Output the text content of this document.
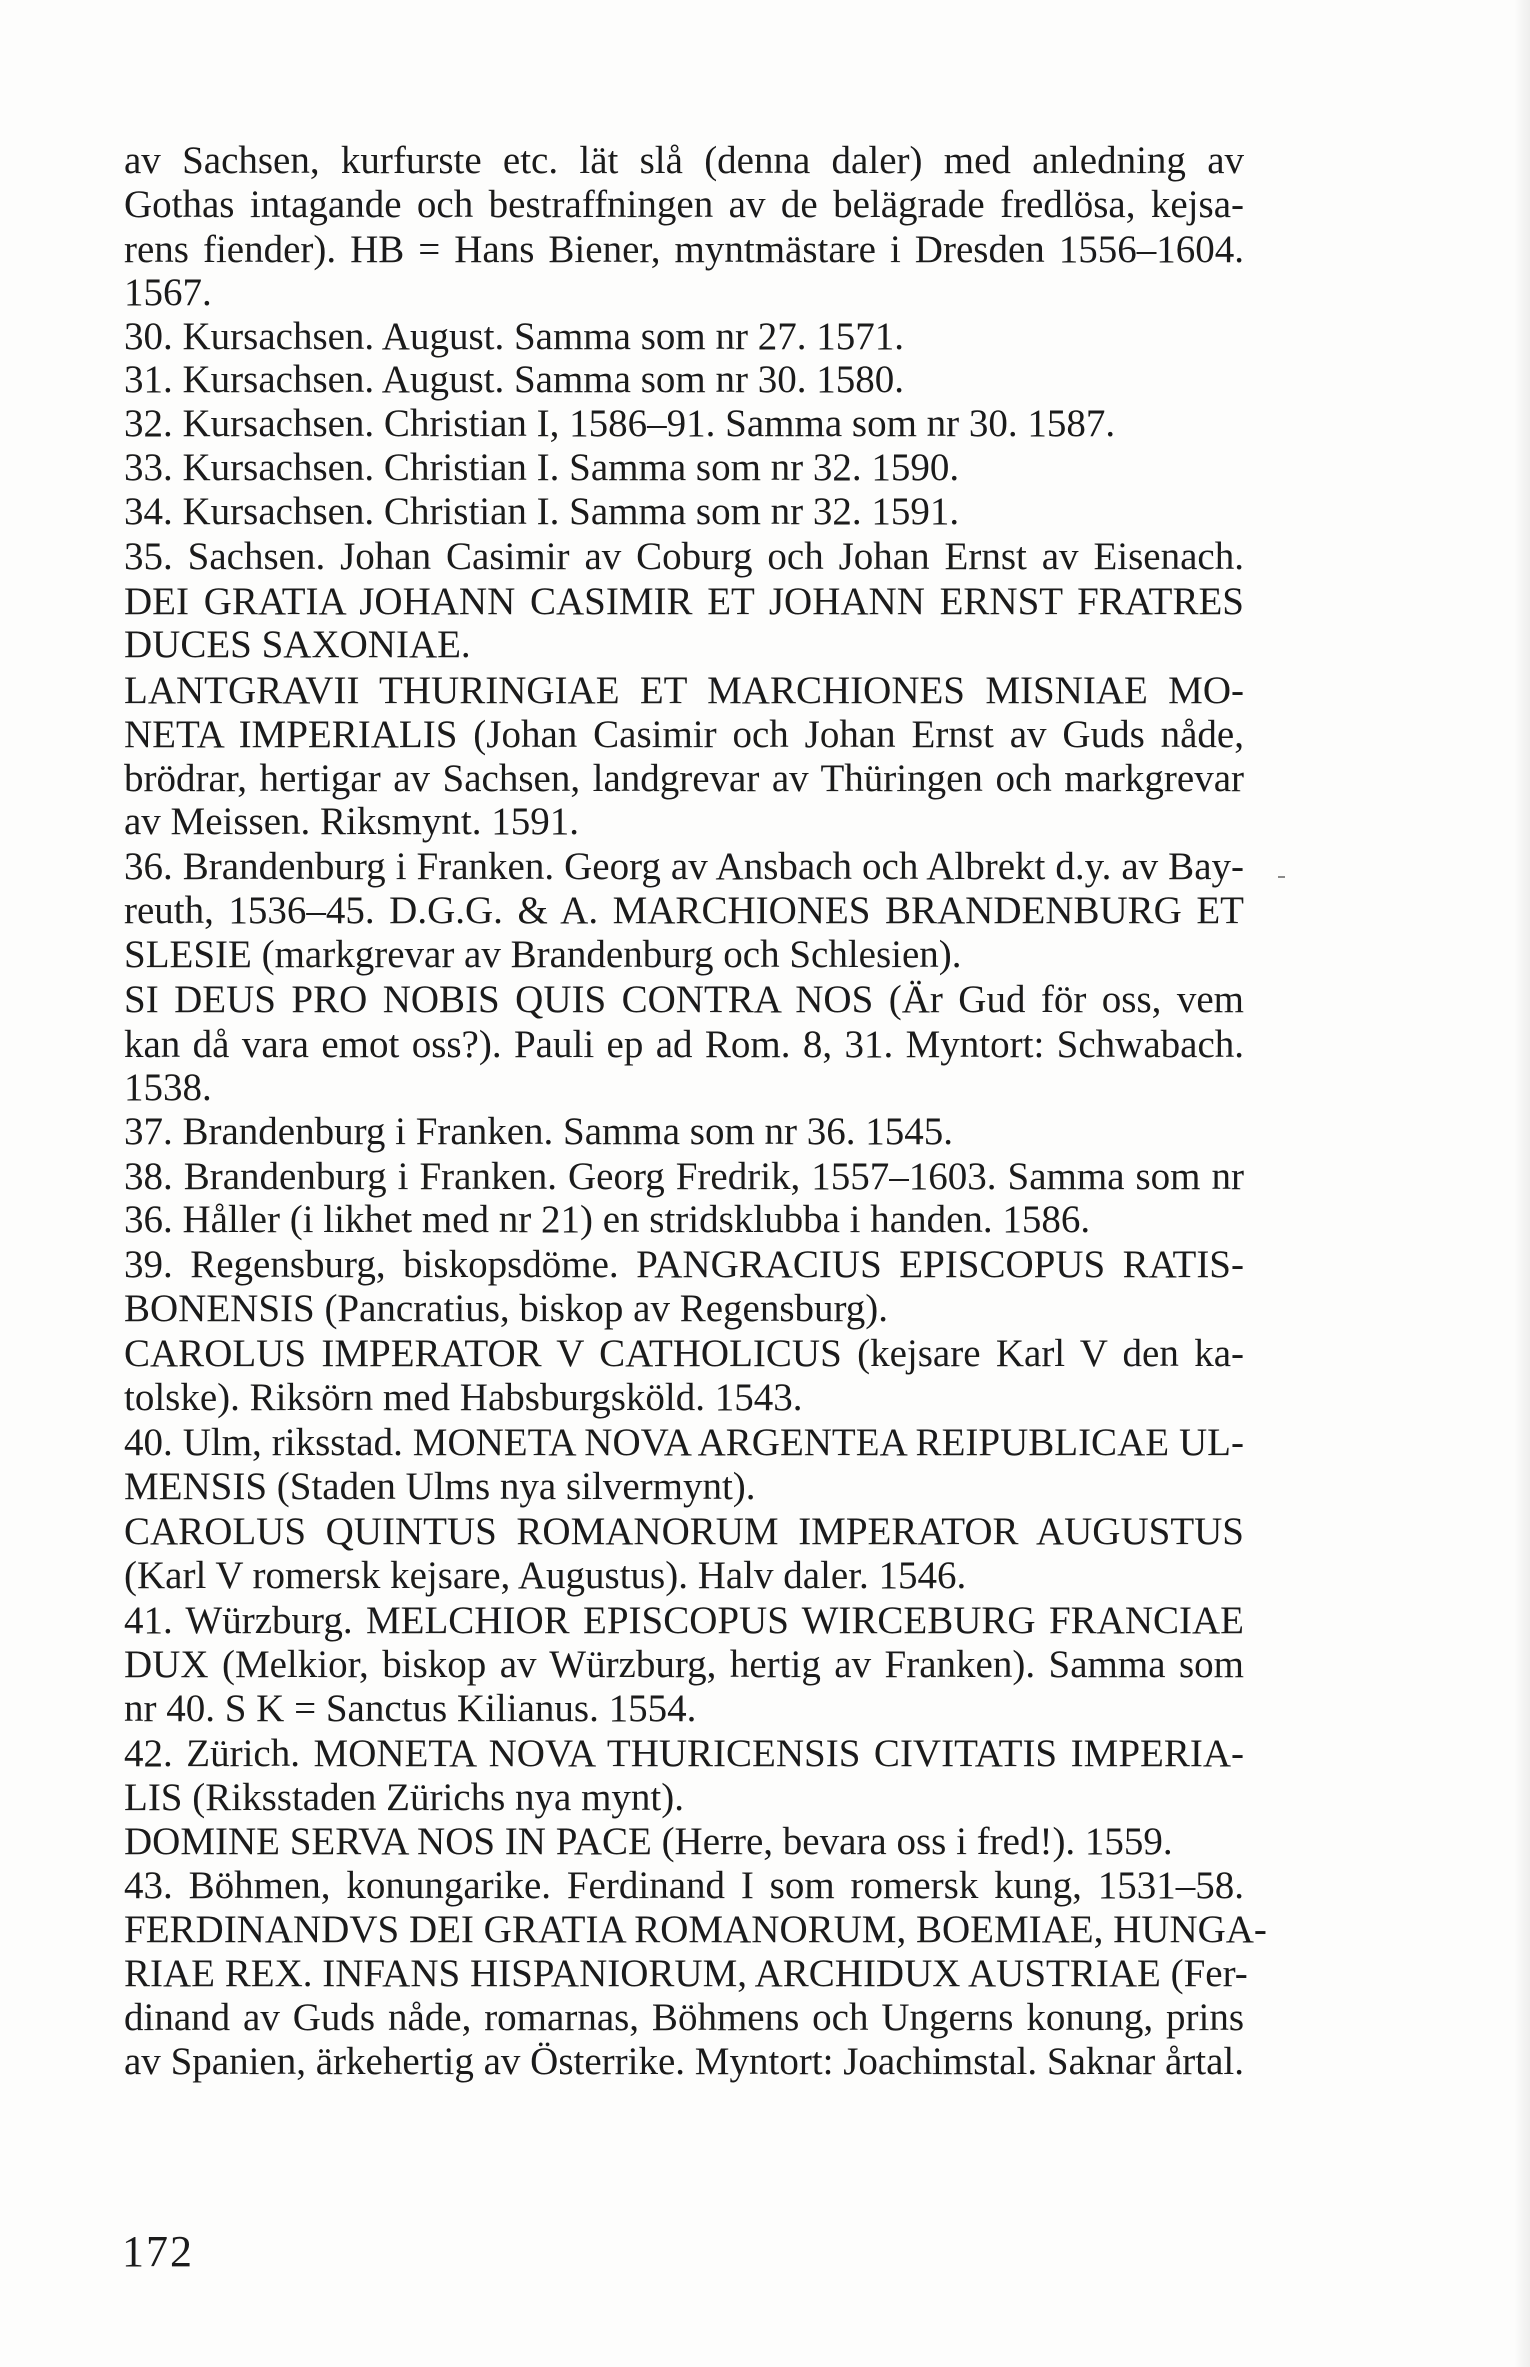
av Sachsen, kurfurste etc. lät slå (denna daler) med anledning av
Gothas intagande och bestraffningen av de belägrade fredlösa, kejsa-
rens fiender). HB = Hans Biener, myntmästare i Dresden 1556–1604.
1567.
30. Kursachsen. August. Samma som nr 27. 1571.
31. Kursachsen. August. Samma som nr 30. 1580.
32. Kursachsen. Christian I, 1586–91. Samma som nr 30. 1587.
33. Kursachsen. Christian I. Samma som nr 32. 1590.
34. Kursachsen. Christian I. Samma som nr 32. 1591.
35. Sachsen. Johan Casimir av Coburg och Johan Ernst av Eisenach.
DEI GRATIA JOHANN CASIMIR ET JOHANN ERNST FRATRES
DUCES SAXONIAE.
LANTGRAVII THURINGIAE ET MARCHIONES MISNIAE MO-
NETA IMPERIALIS (Johan Casimir och Johan Ernst av Guds nåde,
brödrar, hertigar av Sachsen, landgrevar av Thüringen och markgrevar
av Meissen. Riksmynt. 1591.
36. Brandenburg i Franken. Georg av Ansbach och Albrekt d.y. av Bay-
reuth, 1536–45. D.G.G. & A. MARCHIONES BRANDENBURG ET
SLESIE (markgrevar av Brandenburg och Schlesien).
SI DEUS PRO NOBIS QUIS CONTRA NOS (Är Gud för oss, vem
kan då vara emot oss?). Pauli ep ad Rom. 8, 31. Myntort: Schwabach.
1538.
37. Brandenburg i Franken. Samma som nr 36. 1545.
38. Brandenburg i Franken. Georg Fredrik, 1557–1603. Samma som nr
36. Håller (i likhet med nr 21) en stridsklubba i handen. 1586.
39. Regensburg, biskopsdöme. PANGRACIUS EPISCOPUS RATIS-
BONENSIS (Pancratius, biskop av Regensburg).
CAROLUS IMPERATOR V CATHOLICUS (kejsare Karl V den ka-
tolske). Riksörn med Habsburgsköld. 1543.
40. Ulm, riksstad. MONETA NOVA ARGENTEA REIPUBLICAE UL-
MENSIS (Staden Ulms nya silvermynt).
CAROLUS QUINTUS ROMANORUM IMPERATOR AUGUSTUS
(Karl V romersk kejsare, Augustus). Halv daler. 1546.
41. Würzburg. MELCHIOR EPISCOPUS WIRCEBURG FRANCIAE
DUX (Melkior, biskop av Würzburg, hertig av Franken). Samma som
nr 40. S K = Sanctus Kilianus. 1554.
42. Zürich. MONETA NOVA THURICENSIS CIVITATIS IMPERIA-
LIS (Riksstaden Zürichs nya mynt).
DOMINE SERVA NOS IN PACE (Herre, bevara oss i fred!). 1559.
43. Böhmen, konungarike. Ferdinand I som romersk kung, 1531–58.
FERDINANDVS DEI GRATIA ROMANORUM, BOEMIAE, HUNGA-
RIAE REX. INFANS HISPANIORUM, ARCHIDUX AUSTRIAE (Fer-
dinand av Guds nåde, romarnas, Böhmens och Ungerns konung, prins
av Spanien, ärkehertig av Österrike. Myntort: Joachimstal. Saknar årtal.
172
